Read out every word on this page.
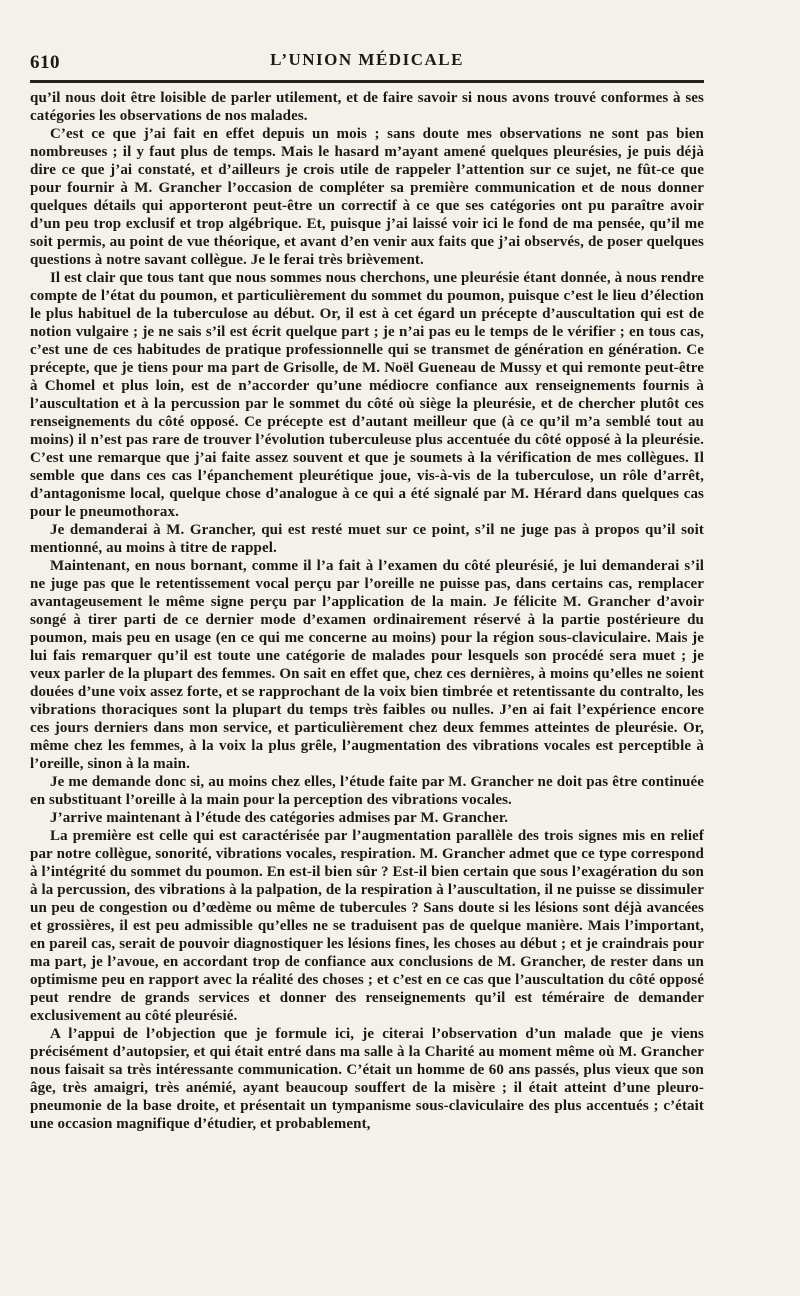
610	L’UNION MÉDICALE

qu’il nous doit être loisible de parler utilement, et de faire savoir si nous avons trouvé conformes à ses catégories les observations de nos malades.

C’est ce que j’ai fait en effet depuis un mois ; sans doute mes observations ne sont pas bien nombreuses ; il y faut plus de temps. Mais le hasard m’ayant amené quelques pleurésies, je puis déjà dire ce que j’ai constaté, et d’ailleurs je crois utile de rappeler l’attention sur ce sujet, ne fût-ce que pour fournir à M. Grancher l’occasion de compléter sa première communication et de nous donner quelques détails qui apporteront peut-être un correctif à ce que ses catégories ont pu paraître avoir d’un peu trop exclusif et trop algébrique. Et, puisque j’ai laissé voir ici le fond de ma pensée, qu’il me soit permis, au point de vue théorique, et avant d’en venir aux faits que j’ai observés, de poser quelques questions à notre savant collègue. Je le ferai très brièvement.

Il est clair que tous tant que nous sommes nous cherchons, une pleurésie étant donnée, à nous rendre compte de l’état du poumon, et particulièrement du sommet du poumon, puisque c’est le lieu d’élection le plus habituel de la tuberculose au début. Or, il est à cet égard un précepte d’auscultation qui est de notion vulgaire ; je ne sais s’il est écrit quelque part ; je n’ai pas eu le temps de le vérifier ; en tous cas, c’est une de ces habitudes de pratique professionnelle qui se transmet de génération en génération. Ce précepte, que je tiens pour ma part de Grisolle, de M. Noël Gueneau de Mussy et qui remonte peut-être à Chomel et plus loin, est de n’accorder qu’une médiocre confiance aux renseignements fournis à l’auscultation et à la percussion par le sommet du côté où siège la pleurésie, et de chercher plutôt ces renseignements du côté opposé. Ce précepte est d’autant meilleur que (à ce qu’il m’a semblé tout au moins) il n’est pas rare de trouver l’évolution tuberculeuse plus accentuée du côté opposé à la pleurésie. C’est une remarque que j’ai faite assez souvent et que je soumets à la vérification de mes collègues. Il semble que dans ces cas l’épanchement pleurétique joue, vis-à-vis de la tuberculose, un rôle d’arrêt, d’antagonisme local, quelque chose d’analogue à ce qui a été signalé par M. Hérard dans quelques cas pour le pneumothorax.

Je demanderai à M. Grancher, qui est resté muet sur ce point, s’il ne juge pas à propos qu’il soit mentionné, au moins à titre de rappel.

Maintenant, en nous bornant, comme il l’a fait à l’examen du côté pleurésié, je lui demanderai s’il ne juge pas que le retentissement vocal perçu par l’oreille ne puisse pas, dans certains cas, remplacer avantageusement le même signe perçu par l’application de la main. Je félicite M. Grancher d’avoir songé à tirer parti de ce dernier mode d’examen ordinairement réservé à la partie postérieure du poumon, mais peu en usage (en ce qui me concerne au moins) pour la région sous-claviculaire. Mais je lui fais remarquer qu’il est toute une catégorie de malades pour lesquels son procédé sera muet ; je veux parler de la plupart des femmes. On sait en effet que, chez ces dernières, à moins qu’elles ne soient douées d’une voix assez forte, et se rapprochant de la voix bien timbrée et retentissante du contralto, les vibrations thoraciques sont la plupart du temps très faibles ou nulles. J’en ai fait l’expérience encore ces jours derniers dans mon service, et particulièrement chez deux femmes atteintes de pleurésie. Or, même chez les femmes, à la voix la plus grêle, l’augmentation des vibrations vocales est perceptible à l’oreille, sinon à la main.

Je me demande donc si, au moins chez elles, l’étude faite par M. Grancher ne doit pas être continuée en substituant l’oreille à la main pour la perception des vibrations vocales.

J’arrive maintenant à l’étude des catégories admises par M. Grancher.

La première est celle qui est caractérisée par l’augmentation parallèle des trois signes mis en relief par notre collègue, sonorité, vibrations vocales, respiration. M. Grancher admet que ce type correspond à l’intégrité du sommet du poumon. En est-il bien sûr ? Est-il bien certain que sous l’exagération du son à la percussion, des vibrations à la palpation, de la respiration à l’auscultation, il ne puisse se dissimuler un peu de congestion ou d’œdème ou même de tubercules ? Sans doute si les lésions sont déjà avancées et grossières, il est peu admissible qu’elles ne se traduisent pas de quelque manière. Mais l’important, en pareil cas, serait de pouvoir diagnostiquer les lésions fines, les choses au début ; et je craindrais pour ma part, je l’avoue, en accordant trop de confiance aux conclusions de M. Grancher, de rester dans un optimisme peu en rapport avec la réalité des choses ; et c’est en ce cas que l’auscultation du côté opposé peut rendre de grands services et donner des renseignements qu’il est téméraire de demander exclusivement au côté pleurésié.

A l’appui de l’objection que je formule ici, je citerai l’observation d’un malade que je viens précisément d’autopsier, et qui était entré dans ma salle à la Charité au moment même où M. Grancher nous faisait sa très intéressante communication. C’était un homme de 60 ans passés, plus vieux que son âge, très amaigri, très anémié, ayant beaucoup souffert de la misère ; il était atteint d’une pleuro-pneumonie de la base droite, et présentait un tympanisme sous-claviculaire des plus accentués ; c’était une occasion magnifique d’étudier, et probablement,
